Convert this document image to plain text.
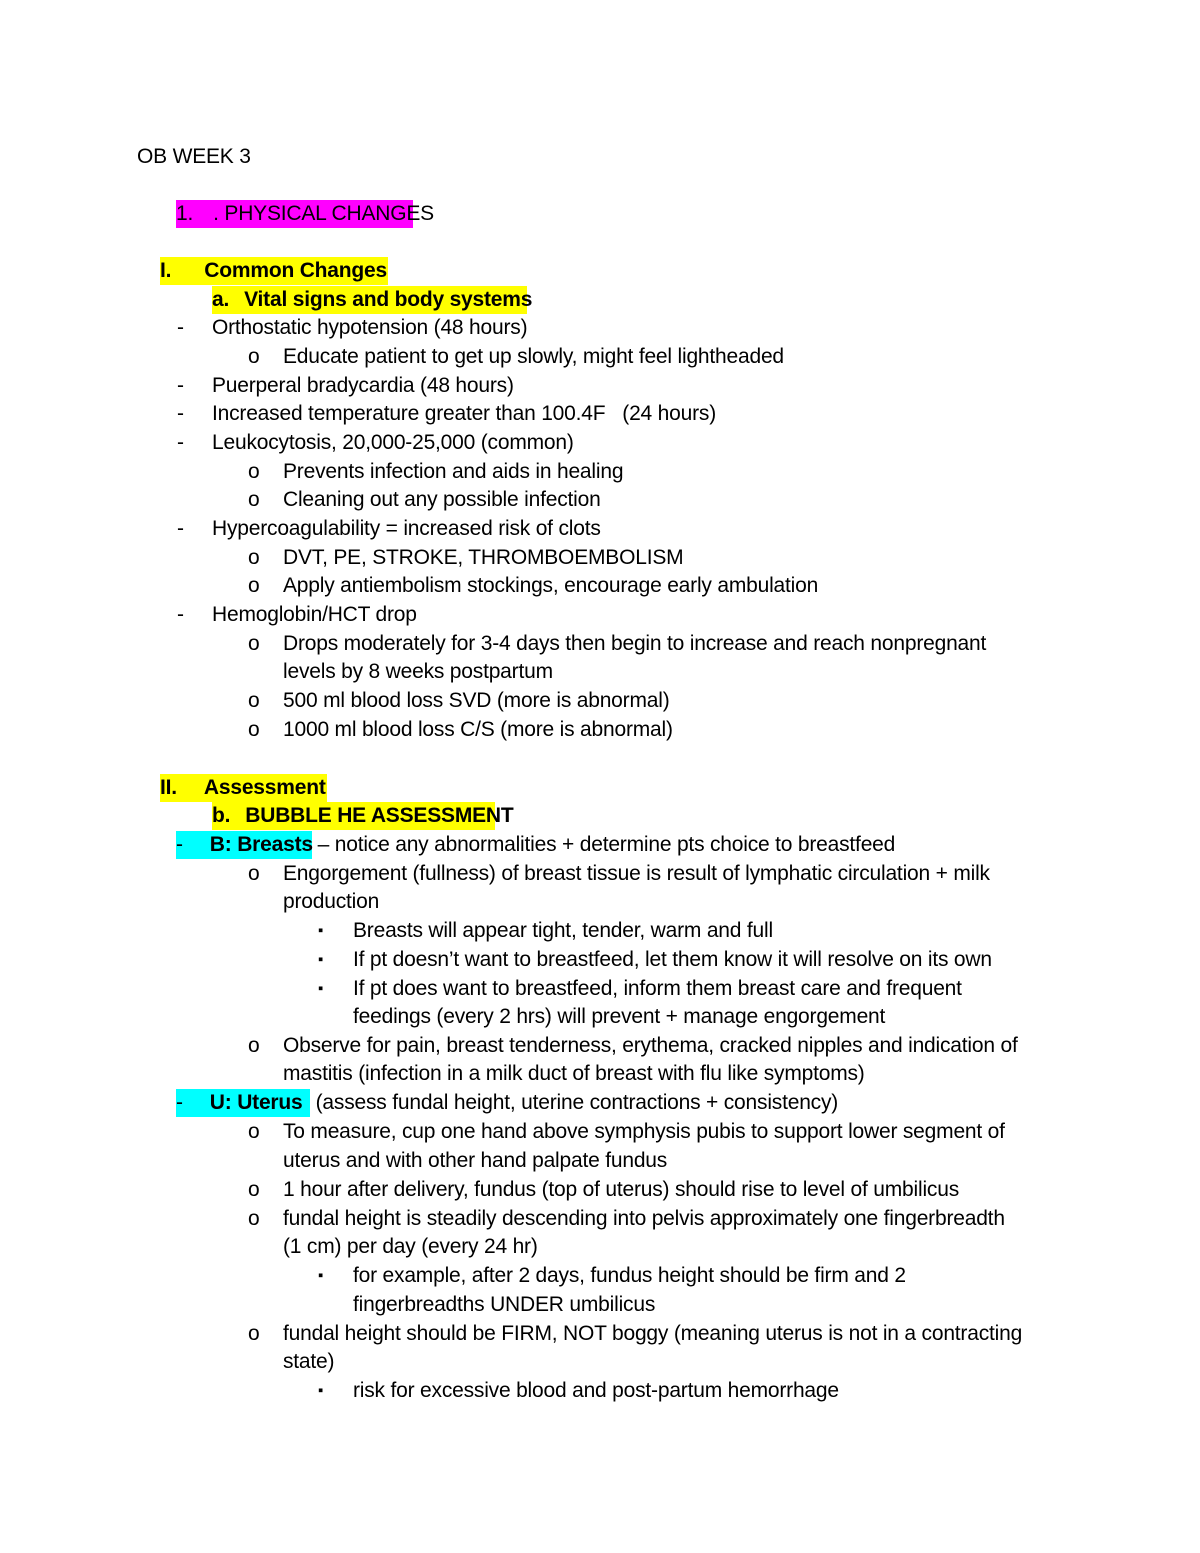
OB WEEK 3
1. . PHYSICAL CHANGES
I. Common Changes
a. Vital signs and body systems
- Orthostatic hypotension (48 hours)
o Educate patient to get up slowly, might feel lightheaded
- Puerperal bradycardia (48 hours)
- Increased temperature greater than 100.4F   (24 hours)
- Leukocytosis, 20,000-25,000 (common)
o Prevents infection and aids in healing
o Cleaning out any possible infection
- Hypercoagulability = increased risk of clots
o DVT, PE, STROKE, THROMBOEMBOLISM
o Apply antiembolism stockings, encourage early ambulation
- Hemoglobin/HCT drop
o Drops moderately for 3-4 days then begin to increase and reach nonpregnant
levels by 8 weeks postpartum
o 500 ml blood loss SVD (more is abnormal)
o 1000 ml blood loss C/S (more is abnormal)
II. Assessment
b. BUBBLE HE ASSESSMENT
- B: Breasts – notice any abnormalities + determine pts choice to breastfeed
o Engorgement (fullness) of breast tissue is result of lymphatic circulation + milk
production
▪ Breasts will appear tight, tender, warm and full
▪ If pt doesn’t want to breastfeed, let them know it will resolve on its own
▪ If pt does want to breastfeed, inform them breast care and frequent
feedings (every 2 hrs) will prevent + manage engorgement
o Observe for pain, breast tenderness, erythema, cracked nipples and indication of
mastitis (infection in a milk duct of breast with flu like symptoms)
- U: Uterus (assess fundal height, uterine contractions + consistency)
o To measure, cup one hand above symphysis pubis to support lower segment of
uterus and with other hand palpate fundus
o 1 hour after delivery, fundus (top of uterus) should rise to level of umbilicus
o fundal height is steadily descending into pelvis approximately one fingerbreadth
(1 cm) per day (every 24 hr)
▪ for example, after 2 days, fundus height should be firm and 2
fingerbreadths UNDER umbilicus
o fundal height should be FIRM, NOT boggy (meaning uterus is not in a contracting
state)
▪ risk for excessive blood and post-partum hemorrhage
